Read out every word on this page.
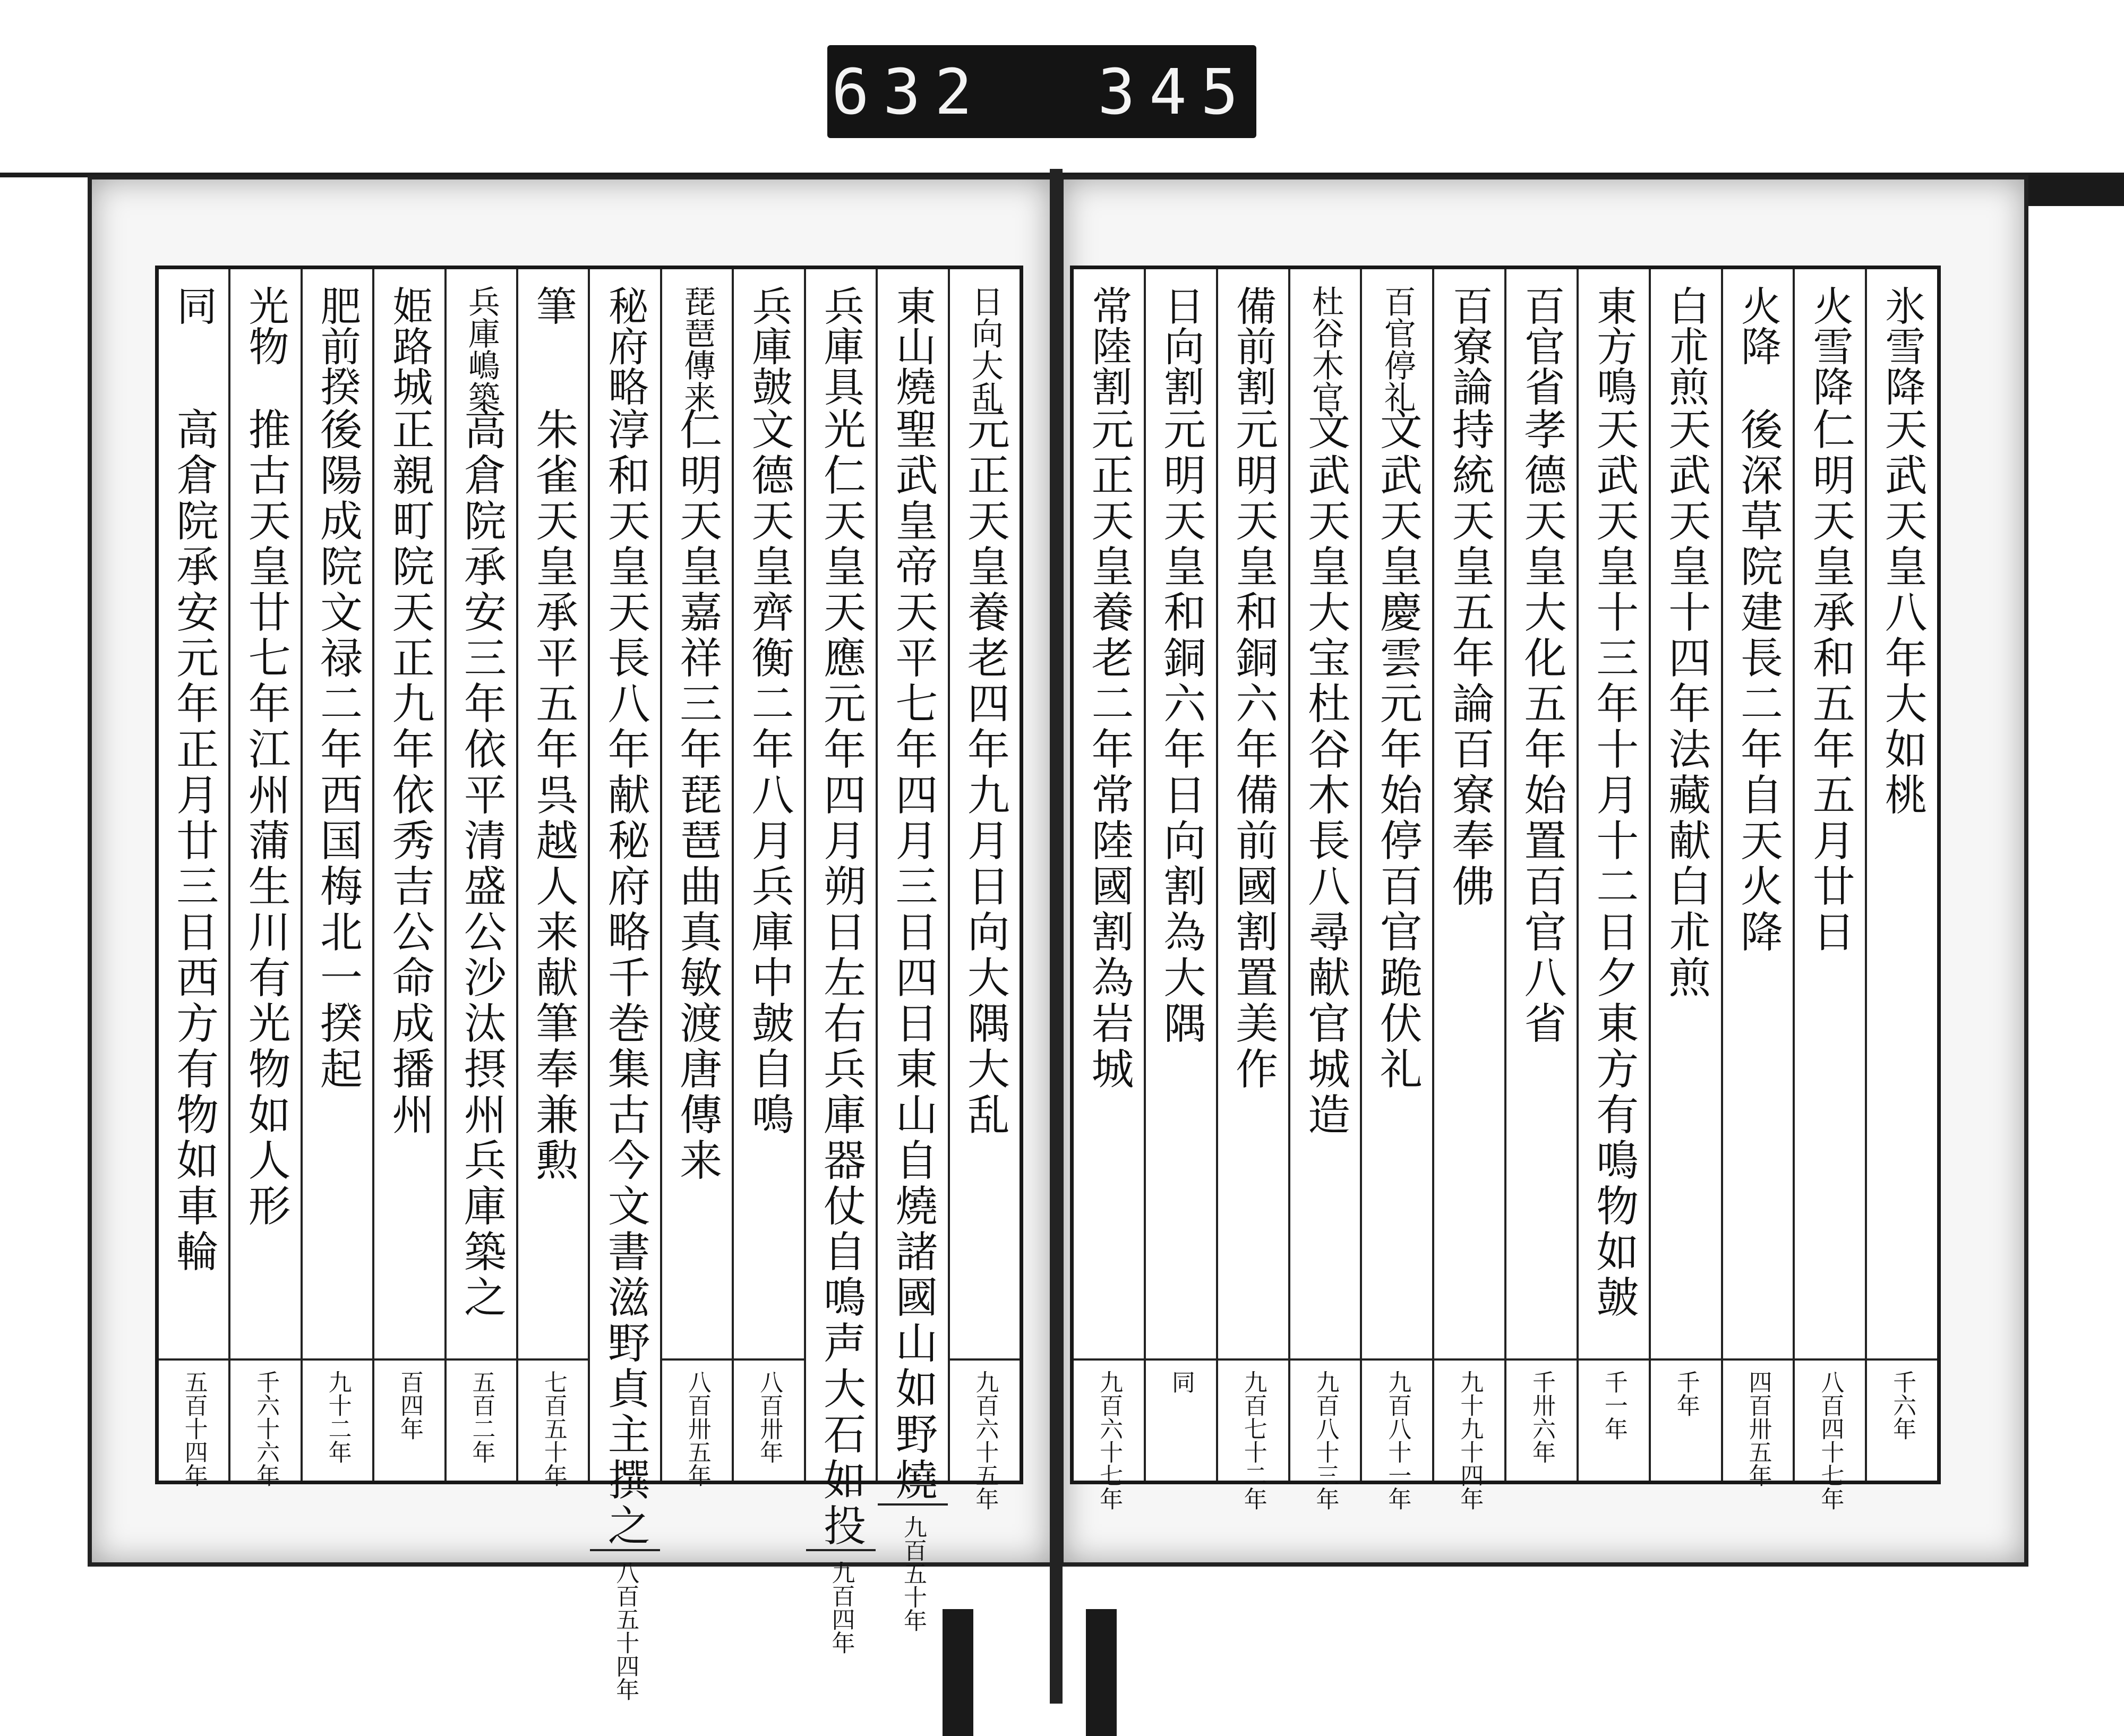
632 345
日向大乱
元正天皇養老四年九月日向大隅大乱
九百六十五年
東山燒
聖武皇帝天平七年四月三日四日東山自燒諸國山如野燒
九百五十年
兵庫具
光仁天皇天應元年四月朔日左右兵庫器仗自鳴声大石如投
九百四年
兵庫皷
文德天皇齊衡二年八月兵庫中皷自鳴
八百卅年
琵琶傳来
仁明天皇嘉祥三年琵琶曲真敏渡唐傳来
八百卅五年
秘府略
淳和天皇天長八年献秘府略千巻集古今文書滋野貞主撰之
八百五十四年
筆
朱雀天皇承平五年呉越人来献筆奉兼勲
七百五十年
兵庫嶋築
高倉院承安三年依平清盛公沙汰摂州兵庫築之
五百二年
姫路城
正親町院天正九年依秀吉公命成播州
百四年
肥前揆
後陽成院文禄二年西国梅北一揆起
九十二年
光物
推古天皇廿七年江州蒲生川有光物如人形
千六十六年
同
高倉院承安元年正月廿三日西方有物如車輪
五百十四年
氷雪降
天武天皇八年大如桃
千六年
火雪降
仁明天皇承和五年五月廿日
八百四十七年
火降
後深草院建長二年自天火降
四百卅五年
白朮煎
天武天皇十四年法藏献白朮煎
千年
東方鳴
天武天皇十三年十月十二日夕東方有鳴物如皷
千一年
百官省
孝德天皇大化五年始置百官八省
千卅六年
百寮論
持統天皇五年論百寮奉佛
九十九十四年
百官停礼
文武天皇慶雲元年始停百官跪伏礼
九百八十一年
杜谷木官
文武天皇大宝杜谷木長八尋献官城造
九百八十三年
備前割
元明天皇和銅六年備前國割置美作
九百七十二年
日向割
元明天皇和銅六年日向割為大隅
同
常陸割
元正天皇養老二年常陸國割為岩城
九百六十七年
